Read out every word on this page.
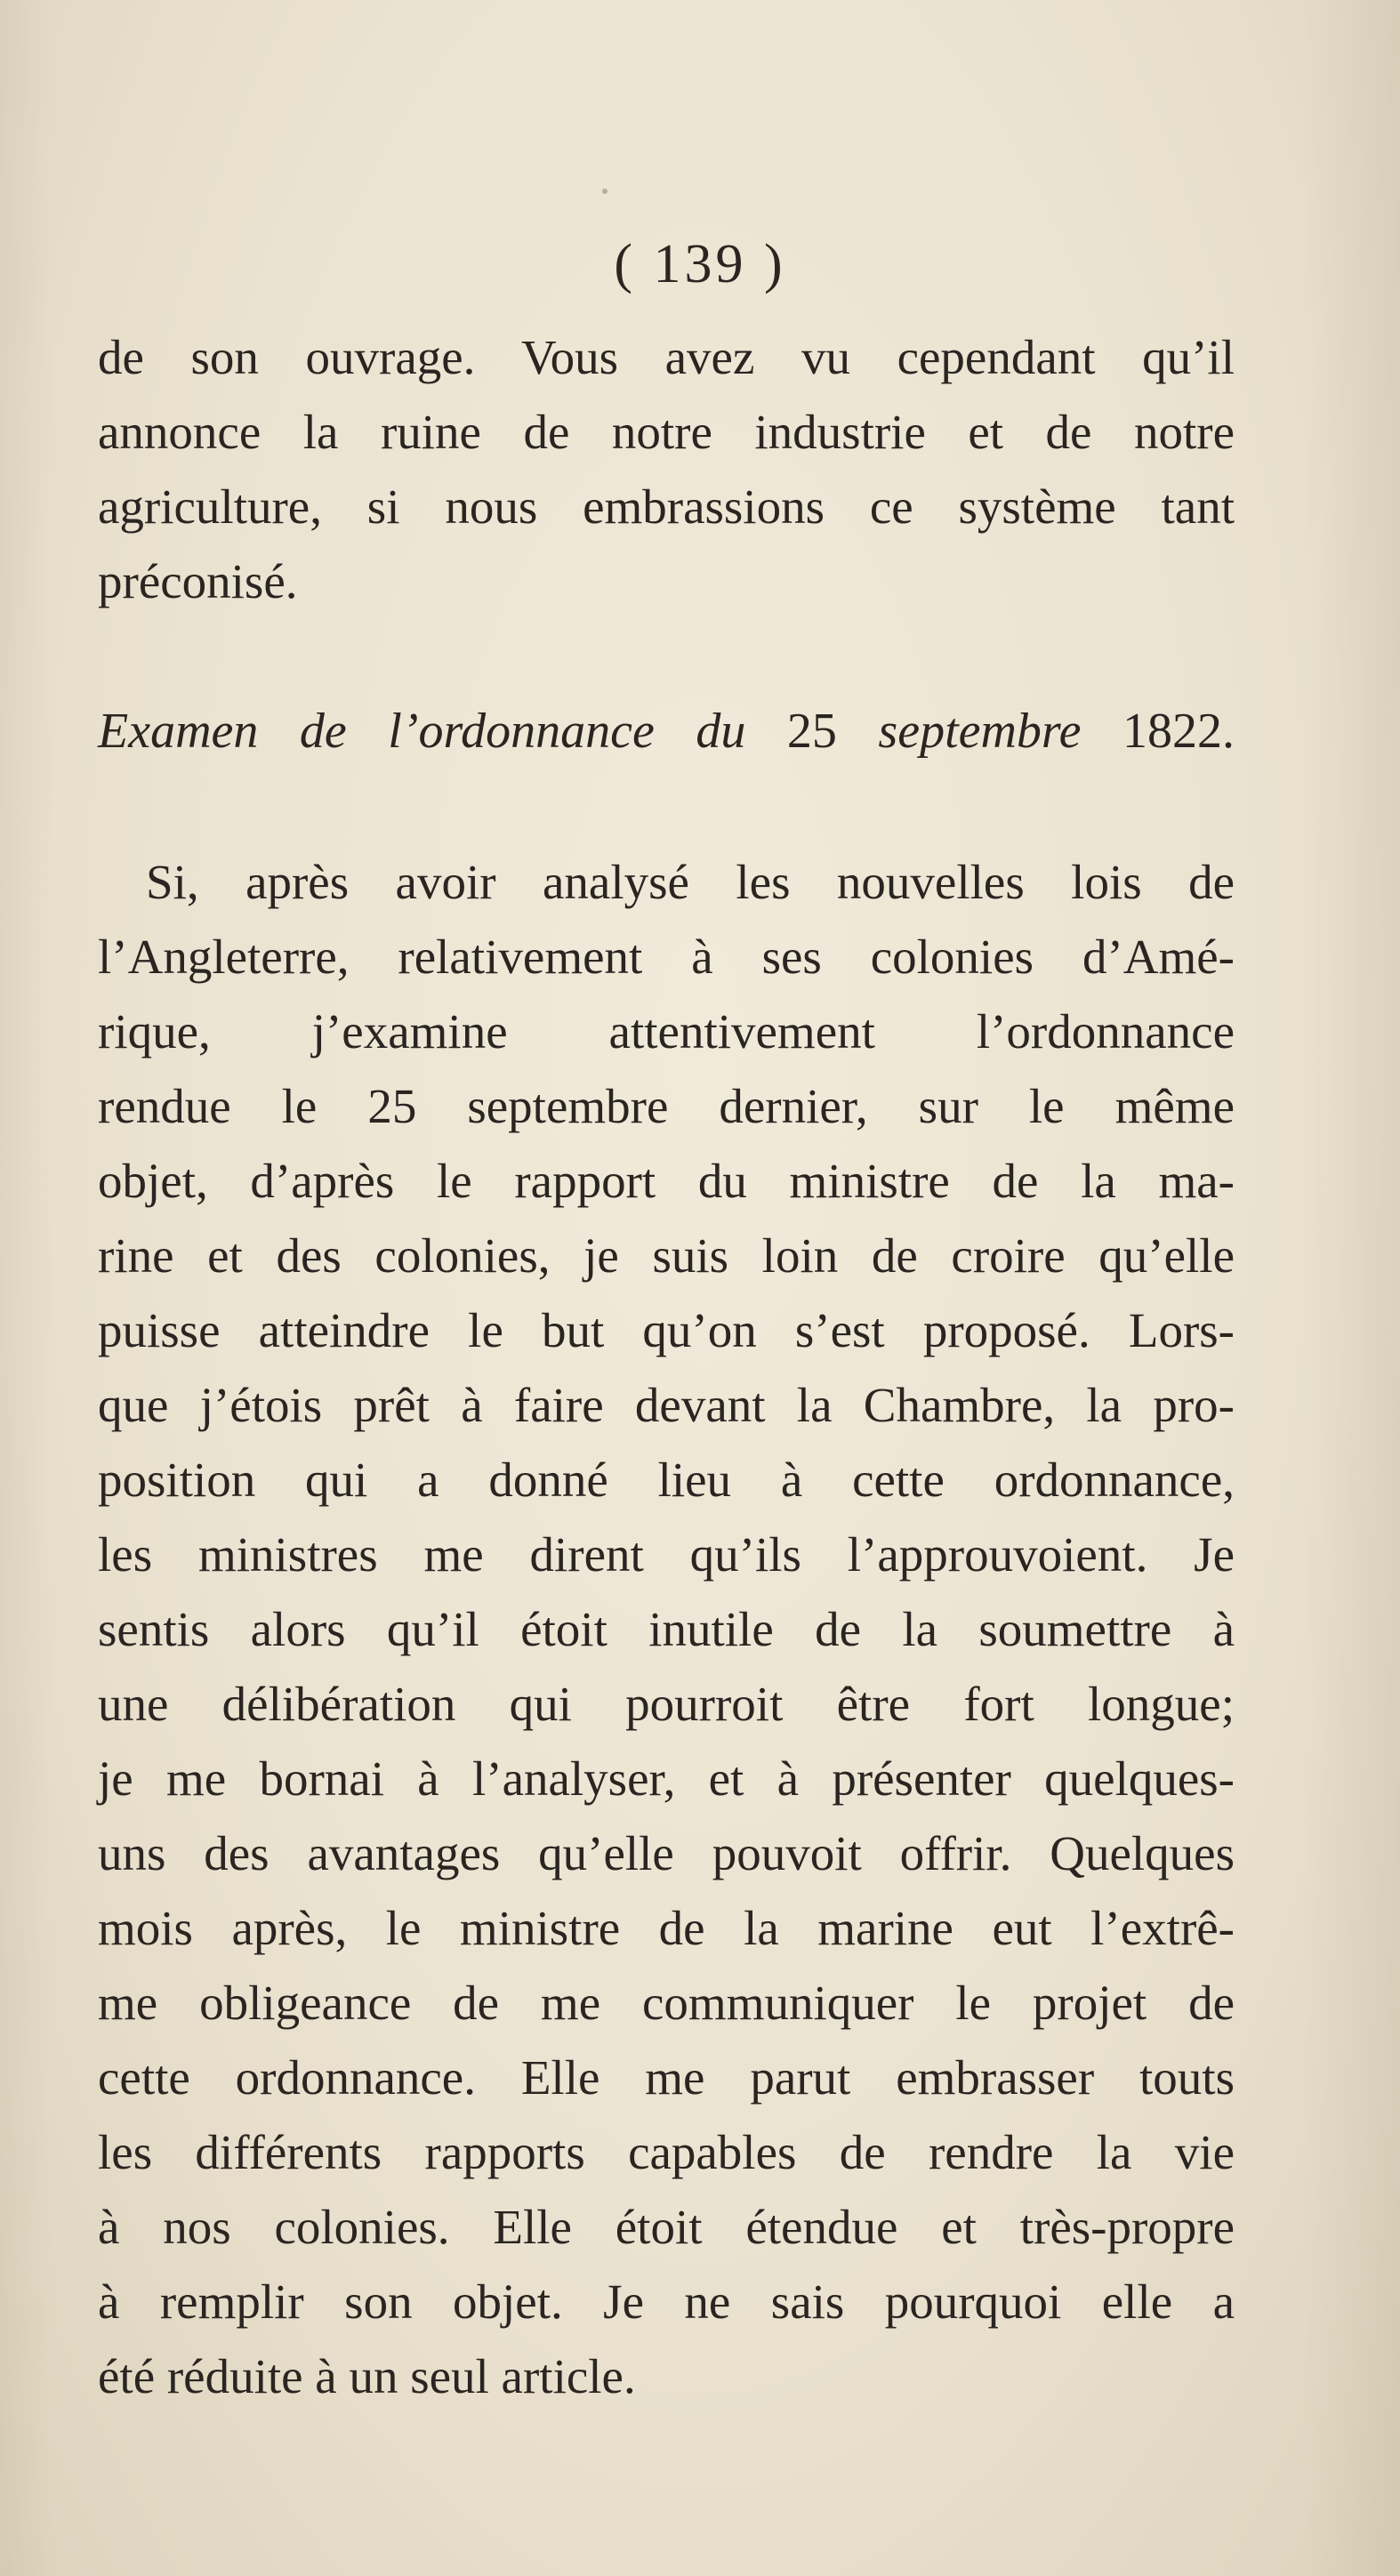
( 139 )
de son ouvrage. Vous avez vu cependant qu’il
annonce la ruine de notre industrie et de notre
agriculture, si nous embrassions ce système tant
préconisé.
Examen de l’ordonnance du 25 septembre 1822.
Si, après avoir analysé les nouvelles lois de
l’Angleterre, relativement à ses colonies d’Amé-
rique, j’examine attentivement l’ordonnance
rendue le 25 septembre dernier, sur le même
objet, d’après le rapport du ministre de la ma-
rine et des colonies, je suis loin de croire qu’elle
puisse atteindre le but qu’on s’est proposé. Lors-
que j’étois prêt à faire devant la Chambre, la pro-
position qui a donné lieu à cette ordonnance,
les ministres me dirent qu’ils l’approuvoient. Je
sentis alors qu’il étoit inutile de la soumettre à
une délibération qui pourroit être fort longue;
je me bornai à l’analyser, et à présenter quelques-
uns des avantages qu’elle pouvoit offrir. Quelques
mois après, le ministre de la marine eut l’extrê-
me obligeance de me communiquer le projet de
cette ordonnance. Elle me parut embrasser touts
les différents rapports capables de rendre la vie
à nos colonies. Elle étoit étendue et très-propre
à remplir son objet. Je ne sais pourquoi elle a
été réduite à un seul article.
